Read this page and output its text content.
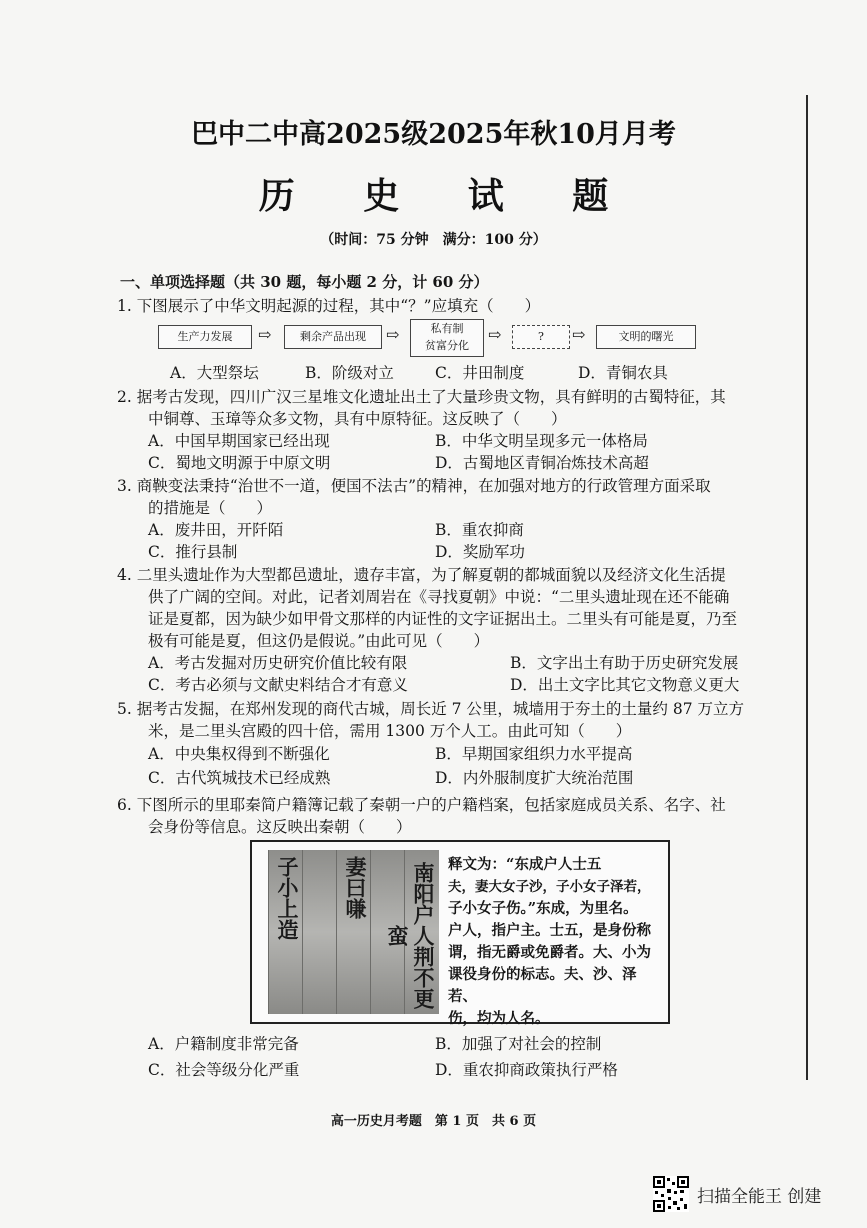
巴中二中高2025级2025年秋10月月考
历 史 试 题
（时间：75 分钟　满分：100 分）
一、单项选择题（共 30 题，每小题 2 分，计 60 分）
1. 下图展示了中华文明起源的过程，其中“？”应填充（　　）
生产力发展	⇨	剩余产品出现	⇨	私有制
贫富分化
⇨	?	⇨	文明的曙光
A．大型祭坛	B．阶级对立	C．井田制度	D．青铜农具
2. 据考古发现，四川广汉三星堆文化遗址出土了大量珍贵文物，具有鲜明的古蜀特征，其
中铜尊、玉璋等众多文物，具有中原特征。这反映了（　　）
A．中国早期国家已经出现	B．中华文明呈现多元一体格局
C．蜀地文明源于中原文明	D．古蜀地区青铜冶炼技术高超
3. 商鞅变法秉持“治世不一道，便国不法古”的精神，在加强对地方的行政管理方面采取
的措施是（　　）
A．废井田，开阡陌	B．重农抑商
C．推行县制	D．奖励军功
4. 二里头遗址作为大型都邑遗址，遗存丰富，为了解夏朝的都城面貌以及经济文化生活提
供了广阔的空间。对此，记者刘周岩在《寻找夏朝》中说：“二里头遗址现在还不能确
证是夏都，因为缺少如甲骨文那样的内证性的文字证据出土。二里头有可能是夏，乃至
极有可能是夏，但这仍是假说。”由此可见（　　）
A．考古发掘对历史研究价值比较有限	B．文字出土有助于历史研究发展
C．考古必须与文献史料结合才有意义	D．出土文字比其它文物意义更大
5. 据考古发掘，在郑州发现的商代古城，周长近 7 公里，城墙用于夯土的土量约 87 万立方
米，是二里头宫殿的四十倍，需用 1300 万个人工。由此可知（　　）
A．中央集权得到不断强化	B．早期国家组织力水平提高
C．古代筑城技术已经成熟	D．内外服制度扩大统治范围
6. 下图所示的里耶秦简户籍簿记载了秦朝一户的户籍档案，包括家庭成员关系、名字、社
会身份等信息。这反映出秦朝（　　）
南阳户人荆不更蛮
妻曰嗛
子小上造	释文为：“东成户人士五
夫，妻大女子沙，子小女子泽若，
子小女子伤。”东成，为里名。
户人，指户主。士五，是身份称
谓，指无爵或免爵者。大、小为
课役身份的标志。夫、沙、泽若、
伤，均为人名。
A．户籍制度非常完备	B．加强了对社会的控制
C．社会等级分化严重	D．重农抑商政策执行严格
高一历史月考题　第 1 页　共 6 页
扫描全能王 创建
